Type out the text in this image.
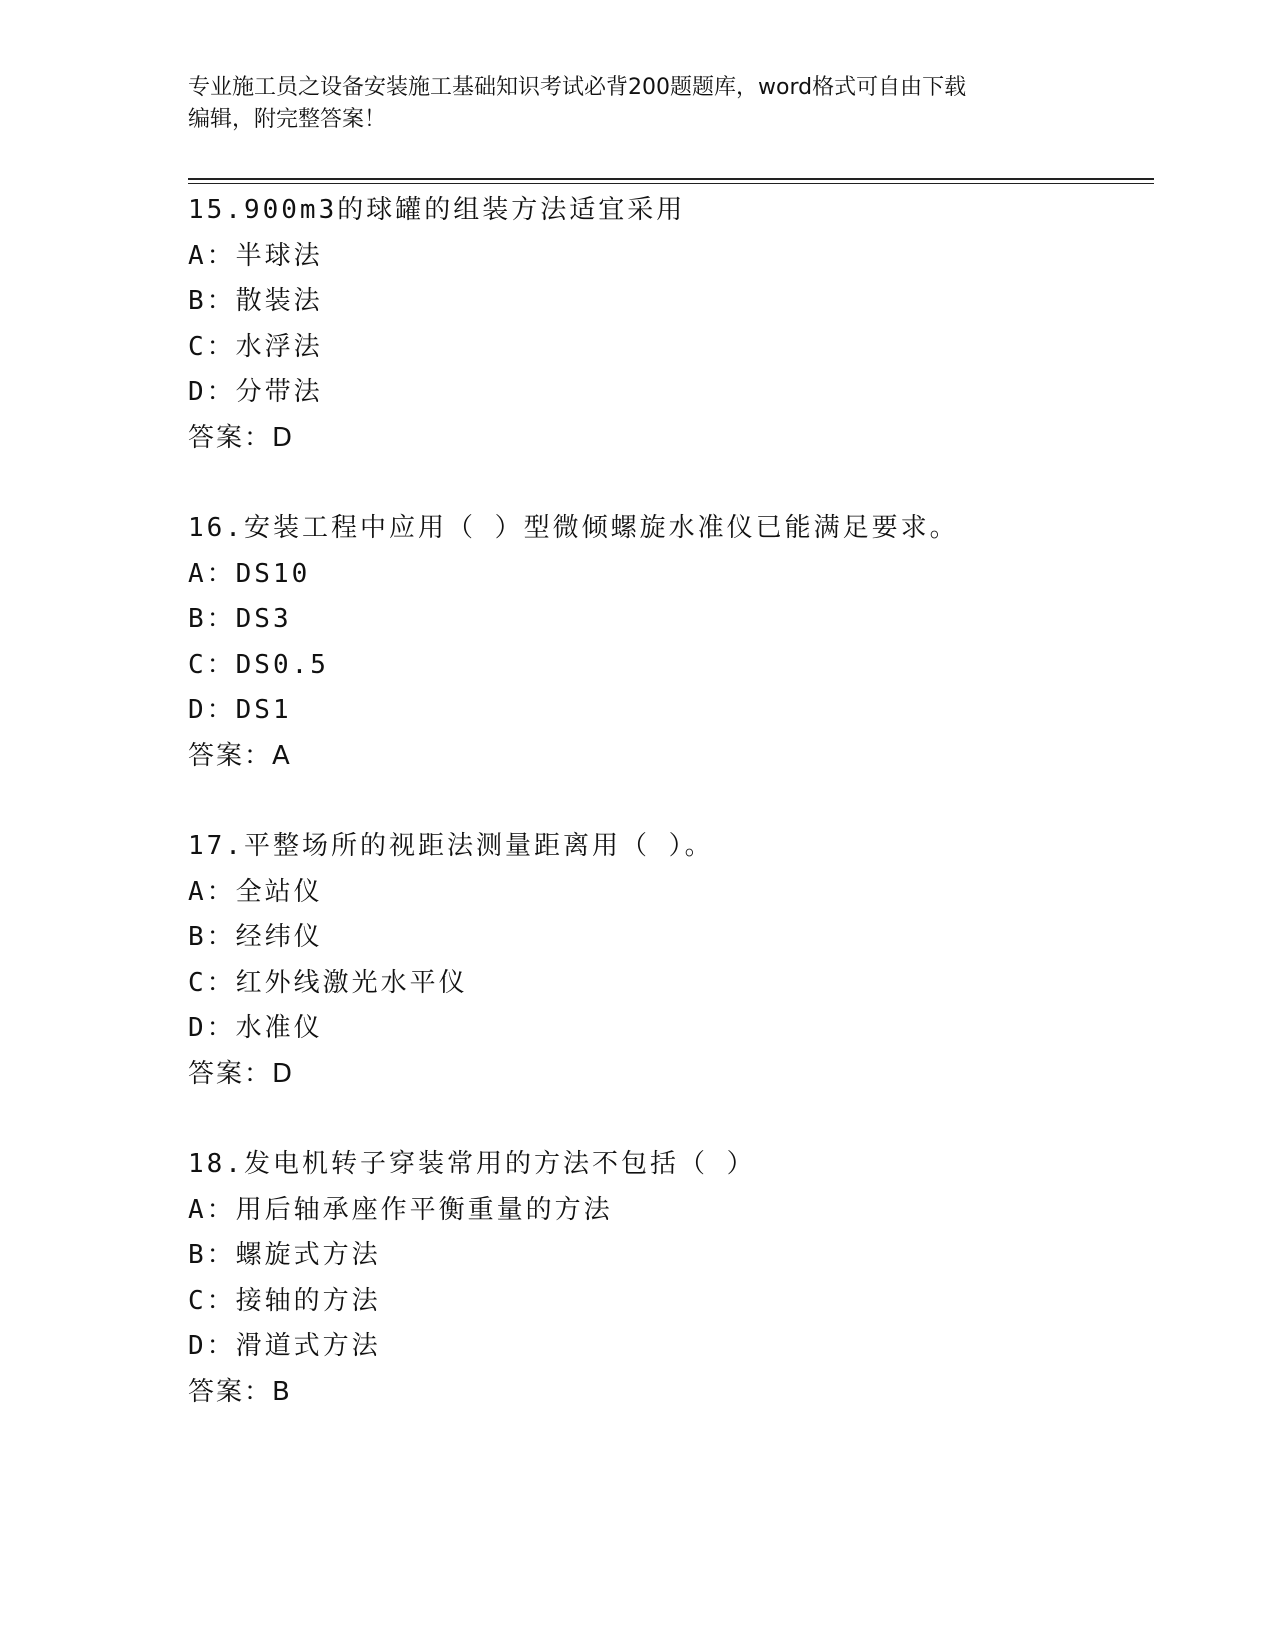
专业施工员之设备安装施工基础知识考试必背200题题库，word格式可自由下载
编辑，附完整答案！
15.900m3的球罐的组装方法适宜采用
A：半球法
B：散装法
C：水浮法
D：分带法
答案：D
16.安装工程中应用（ ）型微倾螺旋水准仪已能满足要求。
A：DS10
B：DS3
C：DS0.5
D：DS1
答案：A
17.平整场所的视距法测量距离用（ ）。
A：全站仪
B：经纬仪
C：红外线激光水平仪
D：水准仪
答案：D
18.发电机转子穿装常用的方法不包括（ ）
A：用后轴承座作平衡重量的方法
B：螺旋式方法
C：接轴的方法
D：滑道式方法
答案：B
